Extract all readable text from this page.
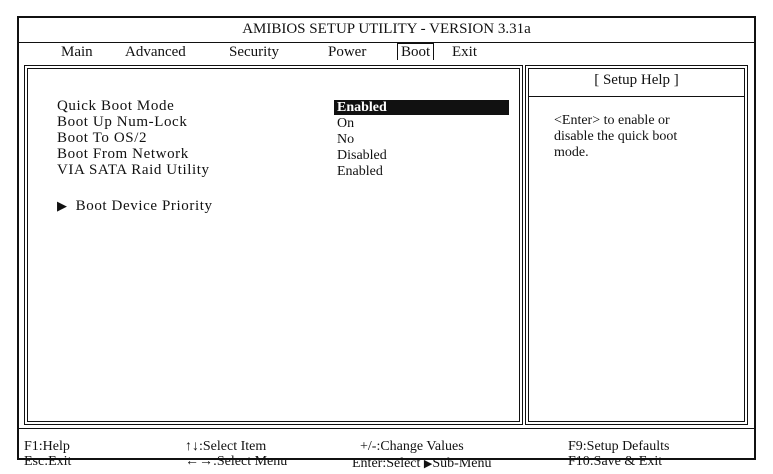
AMIBIOS SETUP UTILITY - VERSION 3.31a
Main Advanced	Security	Power Boot Exit
Quick Boot Mode
Boot Up Num-Lock
Boot To OS/2
Boot From Network
VIA SATA Raid Utility
Enabled
On
No
Disabled
Enabled
▶ Boot Device Priority
[ Setup Help ]
<Enter> to enable or
disable the quick boot
mode.
F1:Help
Esc:Exit
↑↓:Select Item
←→:Select Menu
+/-:Change Values
Enter:Select ▶Sub-Menu
F9:Setup Defaults
F10:Save & Exit
